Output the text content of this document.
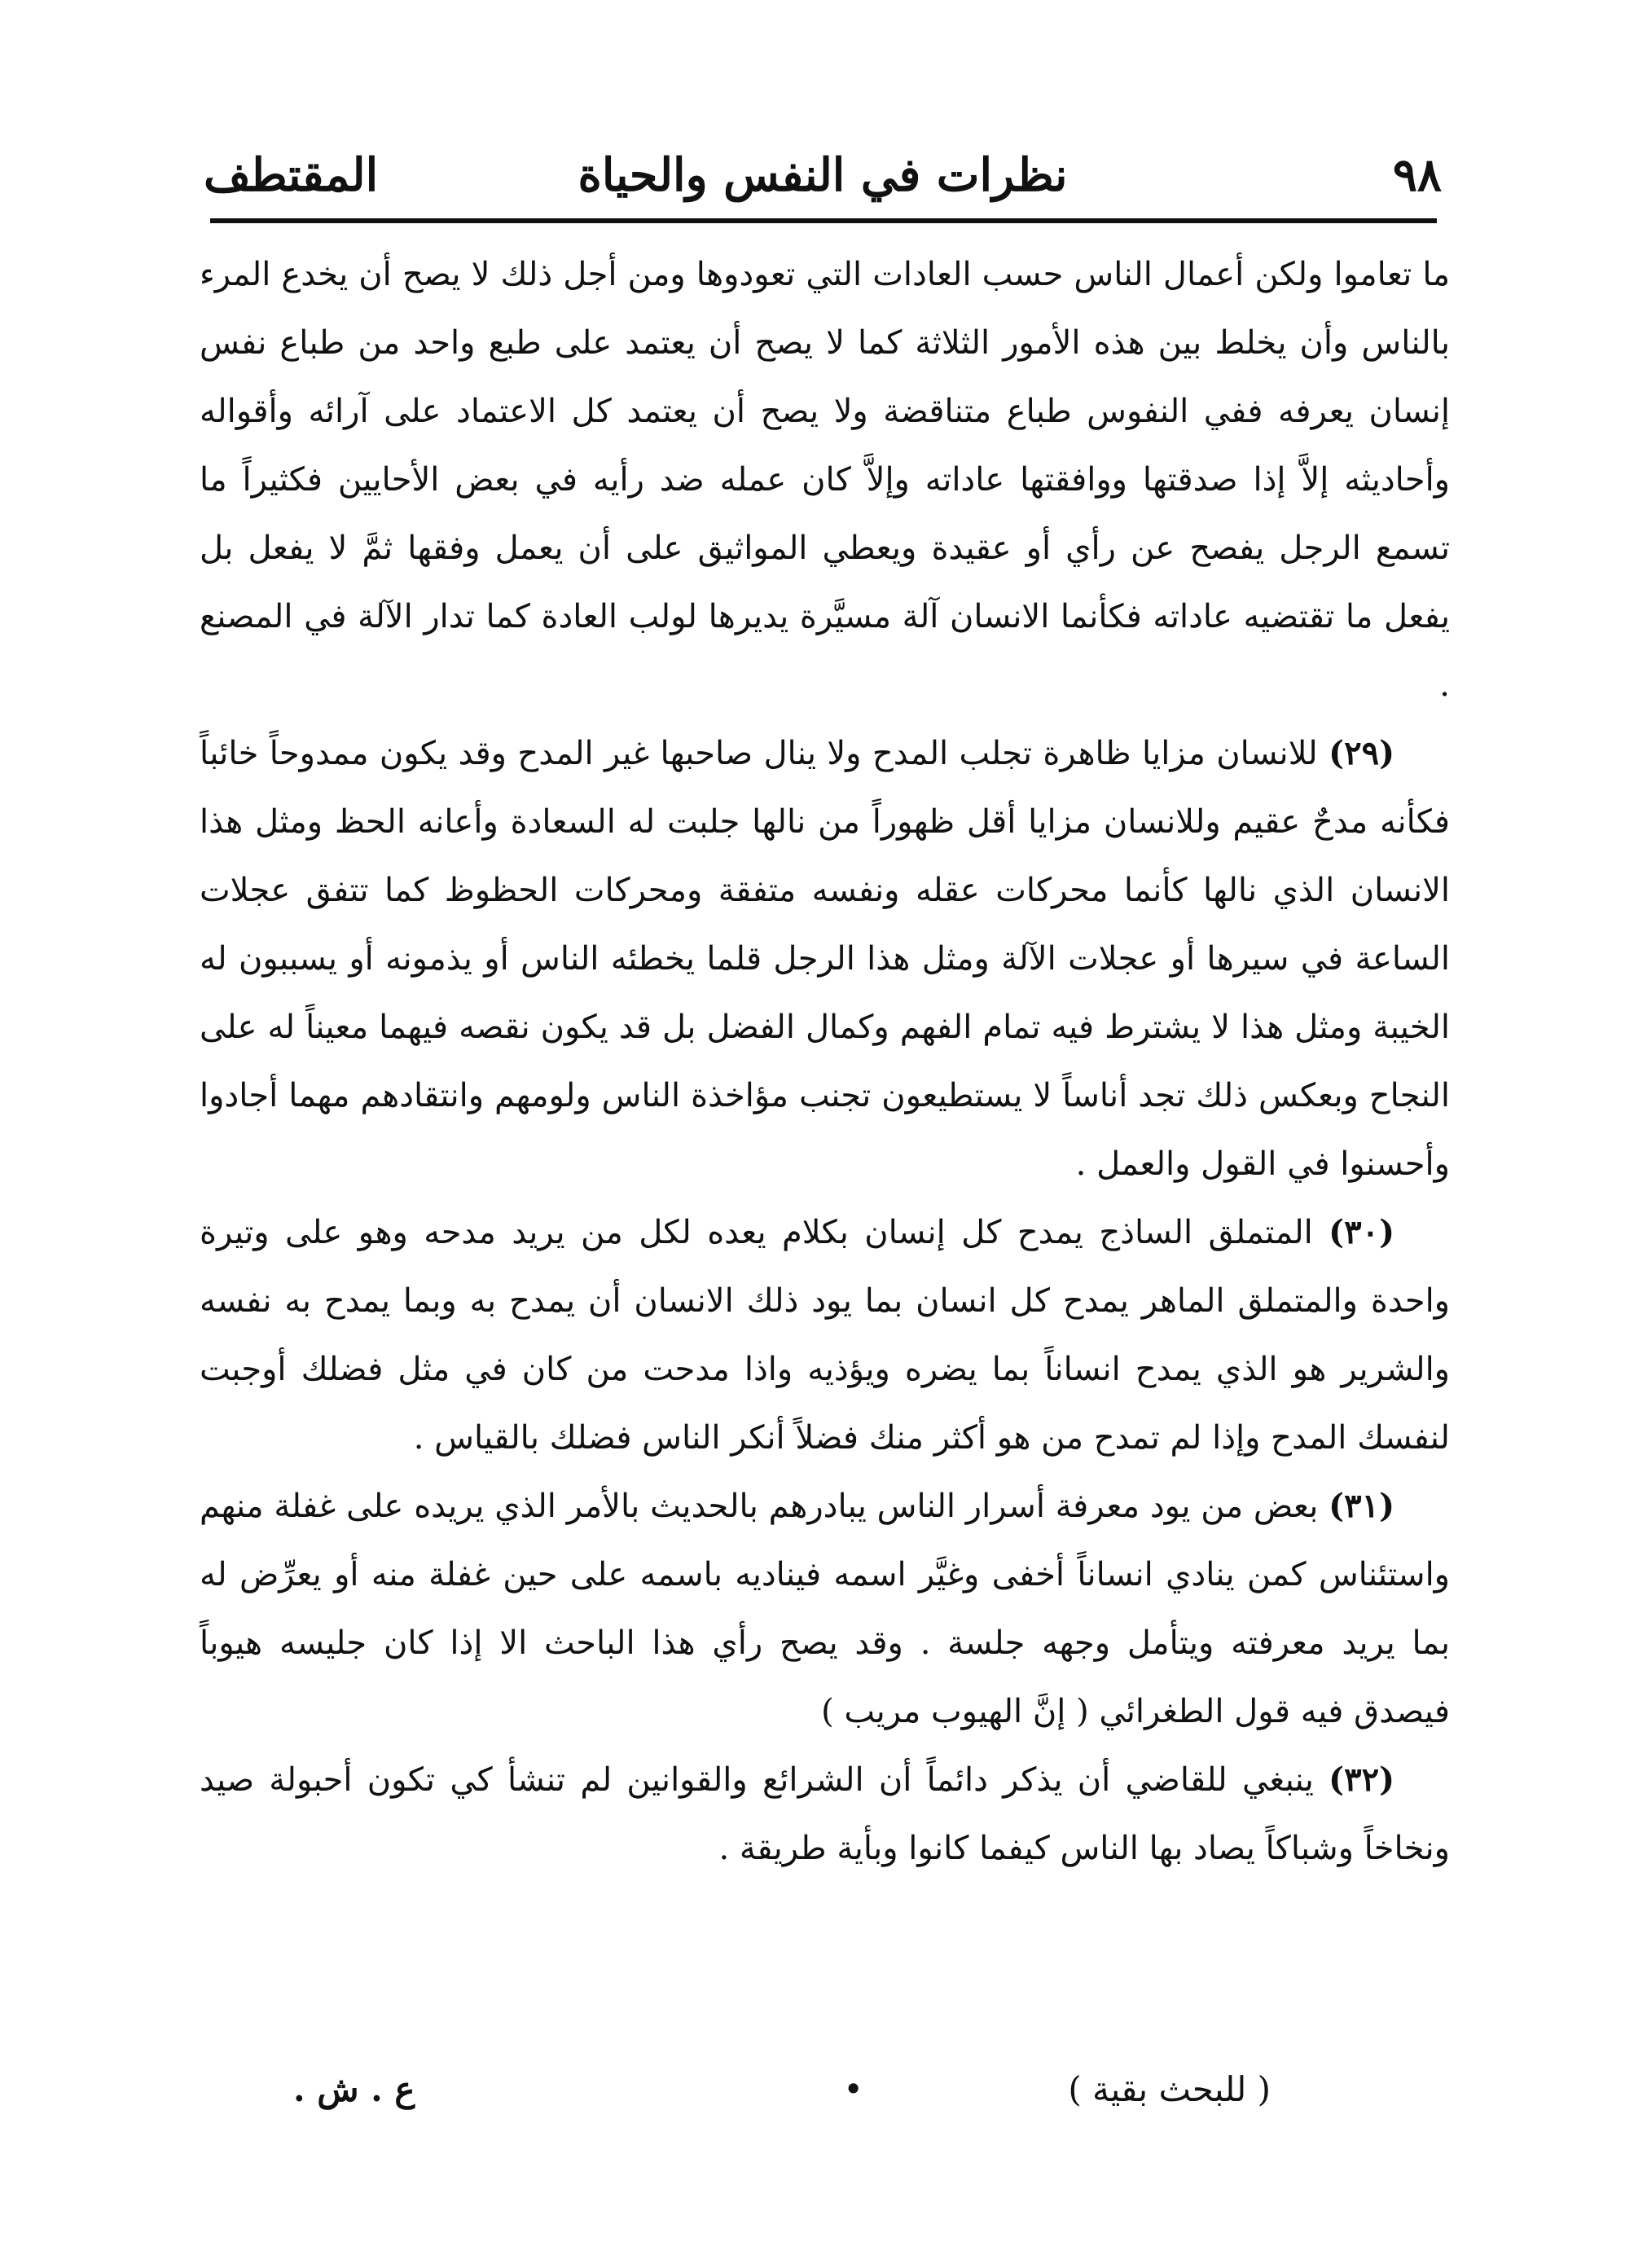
٩٨
نظرات في النفس والحياة
المقتطف

ما تعاموا ولكن أعمال الناس حسب العادات التي تعودوها ومن أجل ذلك لا يصح أن يخدع المرء بالناس وأن يخلط بين هذه الأمور الثلاثة كما لا يصح أن يعتمد على طبع واحد من طباع نفس إنسان يعرفه ففي النفوس طباع متناقضة ولا يصح أن يعتمد كل الاعتماد على آرائه وأقواله وأحاديثه إلاَّ إذا صدقتها ووافقتها عاداته وإلاَّ كان عمله ضد رأيه في بعض الأحايين فكثيراً ما تسمع الرجل يفصح عن رأي أو عقيدة ويعطي المواثيق على أن يعمل وفقها ثمَّ لا يفعل بل يفعل ما تقتضيه عاداته فكأنما الانسان آلة مسيَّرة يديرها لولب العادة كما تدار الآلة في المصنع .

(٢٩) للانسان مزايا ظاهرة تجلب المدح ولا ينال صاحبها غير المدح وقد يكون ممدوحاً خائباً فكأنه مدحٌ عقيم وللانسان مزايا أقل ظهوراً من نالها جلبت له السعادة وأعانه الحظ ومثل هذا الانسان الذي نالها كأنما محركات عقله ونفسه متفقة ومحركات الحظوظ كما تتفق عجلات الساعة في سيرها أو عجلات الآلة ومثل هذا الرجل قلما يخطئه الناس أو يذمونه أو يسببون له الخيبة ومثل هذا لا يشترط فيه تمام الفهم وكمال الفضل بل قد يكون نقصه فيهما معيناً له على النجاح وبعكس ذلك تجد أناساً لا يستطيعون تجنب مؤاخذة الناس ولومهم وانتقادهم مهما أجادوا وأحسنوا في القول والعمل .

(٣٠) المتملق الساذج يمدح كل إنسان بكلام يعده لكل من يريد مدحه وهو على وتيرة واحدة والمتملق الماهر يمدح كل انسان بما يود ذلك الانسان أن يمدح به وبما يمدح به نفسه والشرير هو الذي يمدح انساناً بما يضره ويؤذيه واذا مدحت من كان في مثل فضلك أوجبت لنفسك المدح وإذا لم تمدح من هو أكثر منك فضلاً أنكر الناس فضلك بالقياس .

(٣١) بعض من يود معرفة أسرار الناس يبادرهم بالحديث بالأمر الذي يريده على غفلة منهم واستئناس كمن ينادي انساناً أخفى وغيَّر اسمه فيناديه باسمه على حين غفلة منه أو يعرِّض له بما يريد معرفته ويتأمل وجهه جلسة . وقد يصح رأي هذا الباحث الا إذا كان جليسه هيوباً فيصدق فيه قول الطغرائي ( إنَّ الهيوب مريب )

(٣٢) ينبغي للقاضي أن يذكر دائماً أن الشرائع والقوانين لم تنشأ كي تكون أحبولة صيد ونخاخاً وشباكاً يصاد بها الناس كيفما كانوا وبأية طريقة .

( للبحث بقية )
•
ع . ش .
